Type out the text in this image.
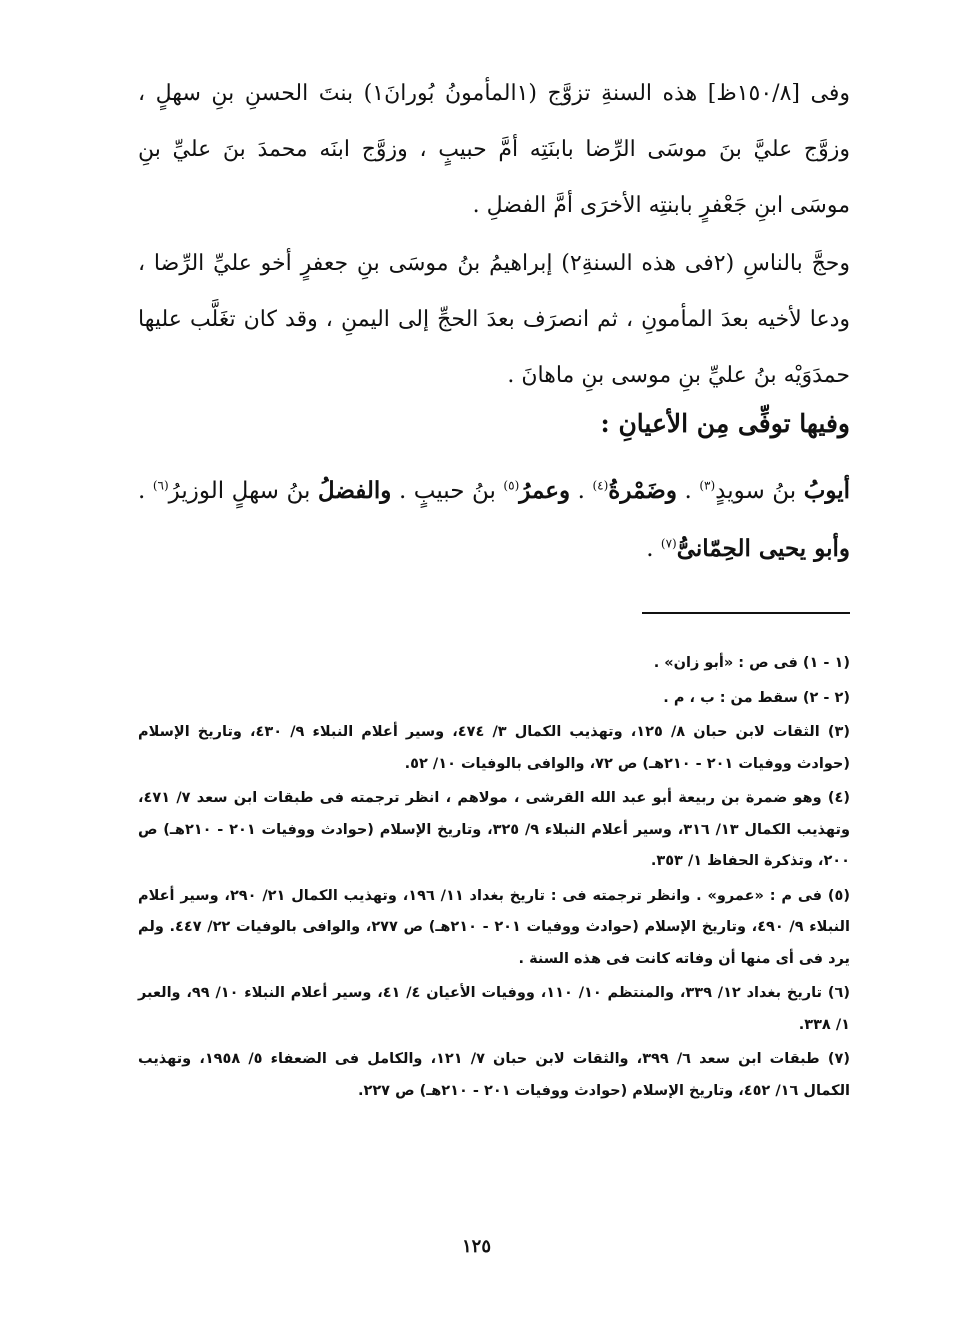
وفى [١٥٠/٨ظ] هذه السنةِ تزوَّج (١المأمونُ بُورانَ١) بنتَ الحسنِ بنِ سهلٍ ، وزوَّج عليَّ بنَ موسَى الرِّضا بابنَتِه أمَّ حبيبٍ ، وزوَّج ابنَه محمدَ بنَ عليِّ بنِ موسَى ابنِ جَعْفرٍ بابنتِه الأخرَى أمَّ الفضلِ .

وحجَّ بالناسِ (٢فى هذه السنةِ٢) إبراهيمُ بنُ موسَى بنِ جعفرٍ أخو عليِّ الرِّضا ، ودعا لأخيه بعدَ المأمونِ ، ثم انصرَف بعدَ الحجِّ إلى اليمنِ ، وقد كان تغَلَّب عليها حمدَوَيْه بنُ عليِّ بنِ موسى بنِ ماهانَ .

وفيها توفِّى مِن الأعيانِ :

أيوبُ بنُ سويدٍ$^{(٣)}$ . وضَمْرةُ$^{(٤)}$ . وعمرُ$^{(٥)}$ بنُ حبيبٍ . والفضلُ بنُ سهلٍ الوزيرُ$^{(٦)}$ . وأبو يحيى الحِمّانىُّ$^{(٧)}$ .

(١ - ١) فى ص : «أبو زان» .

(٢ - ٢) سقط من : ب ، م .

(٣) الثقات لابن حبان ٨/ ١٢٥، وتهذيب الكمال ٣/ ٤٧٤، وسير أعلام النبلاء ٩/ ٤٣٠، وتاريخ الإسلام (حوادث ووفيات ٢٠١ - ٢١٠هـ) ص ٧٢، والوافى بالوفيات ١٠/ ٥٢.

(٤) وهو ضمرة بن ربيعة أبو عبد الله القرشى ، مولاهم ، انظر ترجمته فى طبقات ابن سعد ٧/ ٤٧١، وتهذيب الكمال ١٣/ ٣١٦، وسير أعلام النبلاء ٩/ ٣٢٥، وتاريخ الإسلام (حوادث ووفيات ٢٠١ - ٢١٠هـ) ص ٢٠٠، وتذكرة الحفاظ ١/ ٣٥٣.

(٥) فى م : «عمرو» . وانظر ترجمته فى : تاريخ بغداد ١١/ ١٩٦، وتهذيب الكمال ٢١/ ٢٩٠، وسير أعلام النبلاء ٩/ ٤٩٠، وتاريخ الإسلام (حوادث ووفيات ٢٠١ - ٢١٠هـ) ص ٢٧٧، والوافى بالوفيات ٢٢/ ٤٤٧. ولم يرد فى أى منها أن وفاته كانت فى هذه السنة .

(٦) تاريخ بغداد ١٢/ ٣٣٩، والمنتظم ١٠/ ١١٠، ووفيات الأعيان ٤/ ٤١، وسير أعلام النبلاء ١٠/ ٩٩، والعبر ١/ ٣٣٨.

(٧) طبقات ابن سعد ٦/ ٣٩٩، والثقات لابن حبان ٧/ ١٢١، والكامل فى الضعفاء ٥/ ١٩٥٨، وتهذيب الكمال ١٦/ ٤٥٢، وتاريخ الإسلام (حوادث ووفيات ٢٠١ - ٢١٠هـ) ص ٢٢٧.

١٢٥
